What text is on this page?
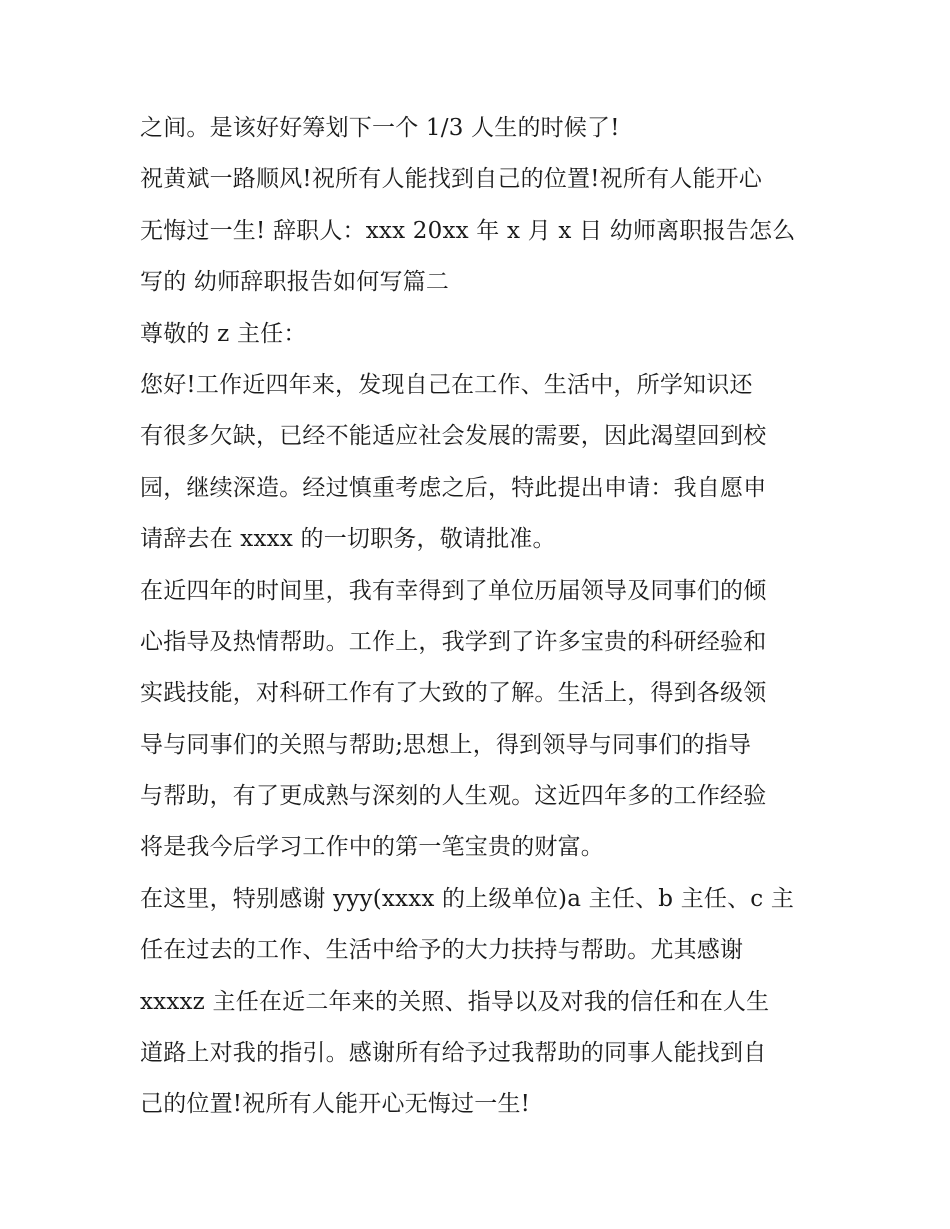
之间。是该好好筹划下一个 1/3 人生的时候了!
祝黄斌一路顺风!祝所有人能找到自己的位置!祝所有人能开心
无悔过一生! 辞职人：xxx 20xx 年 x 月 x 日 幼师离职报告怎么
写的 幼师辞职报告如何写篇二
尊敬的 z 主任：
您好!工作近四年来，发现自己在工作、生活中，所学知识还
有很多欠缺，已经不能适应社会发展的需要，因此渴望回到校
园，继续深造。经过慎重考虑之后，特此提出申请：我自愿申
请辞去在 xxxx 的一切职务，敬请批准。
在近四年的时间里，我有幸得到了单位历届领导及同事们的倾
心指导及热情帮助。工作上，我学到了许多宝贵的科研经验和
实践技能，对科研工作有了大致的了解。生活上，得到各级领
导与同事们的关照与帮助;思想上，得到领导与同事们的指导
与帮助，有了更成熟与深刻的人生观。这近四年多的工作经验
将是我今后学习工作中的第一笔宝贵的财富。
在这里，特别感谢 yyy(xxxx 的上级单位)a 主任、b 主任、c 主
任在过去的工作、生活中给予的大力扶持与帮助。尤其感谢
xxxxz 主任在近二年来的关照、指导以及对我的信任和在人生
道路上对我的指引。感谢所有给予过我帮助的同事人能找到自
己的位置!祝所有人能开心无悔过一生!
